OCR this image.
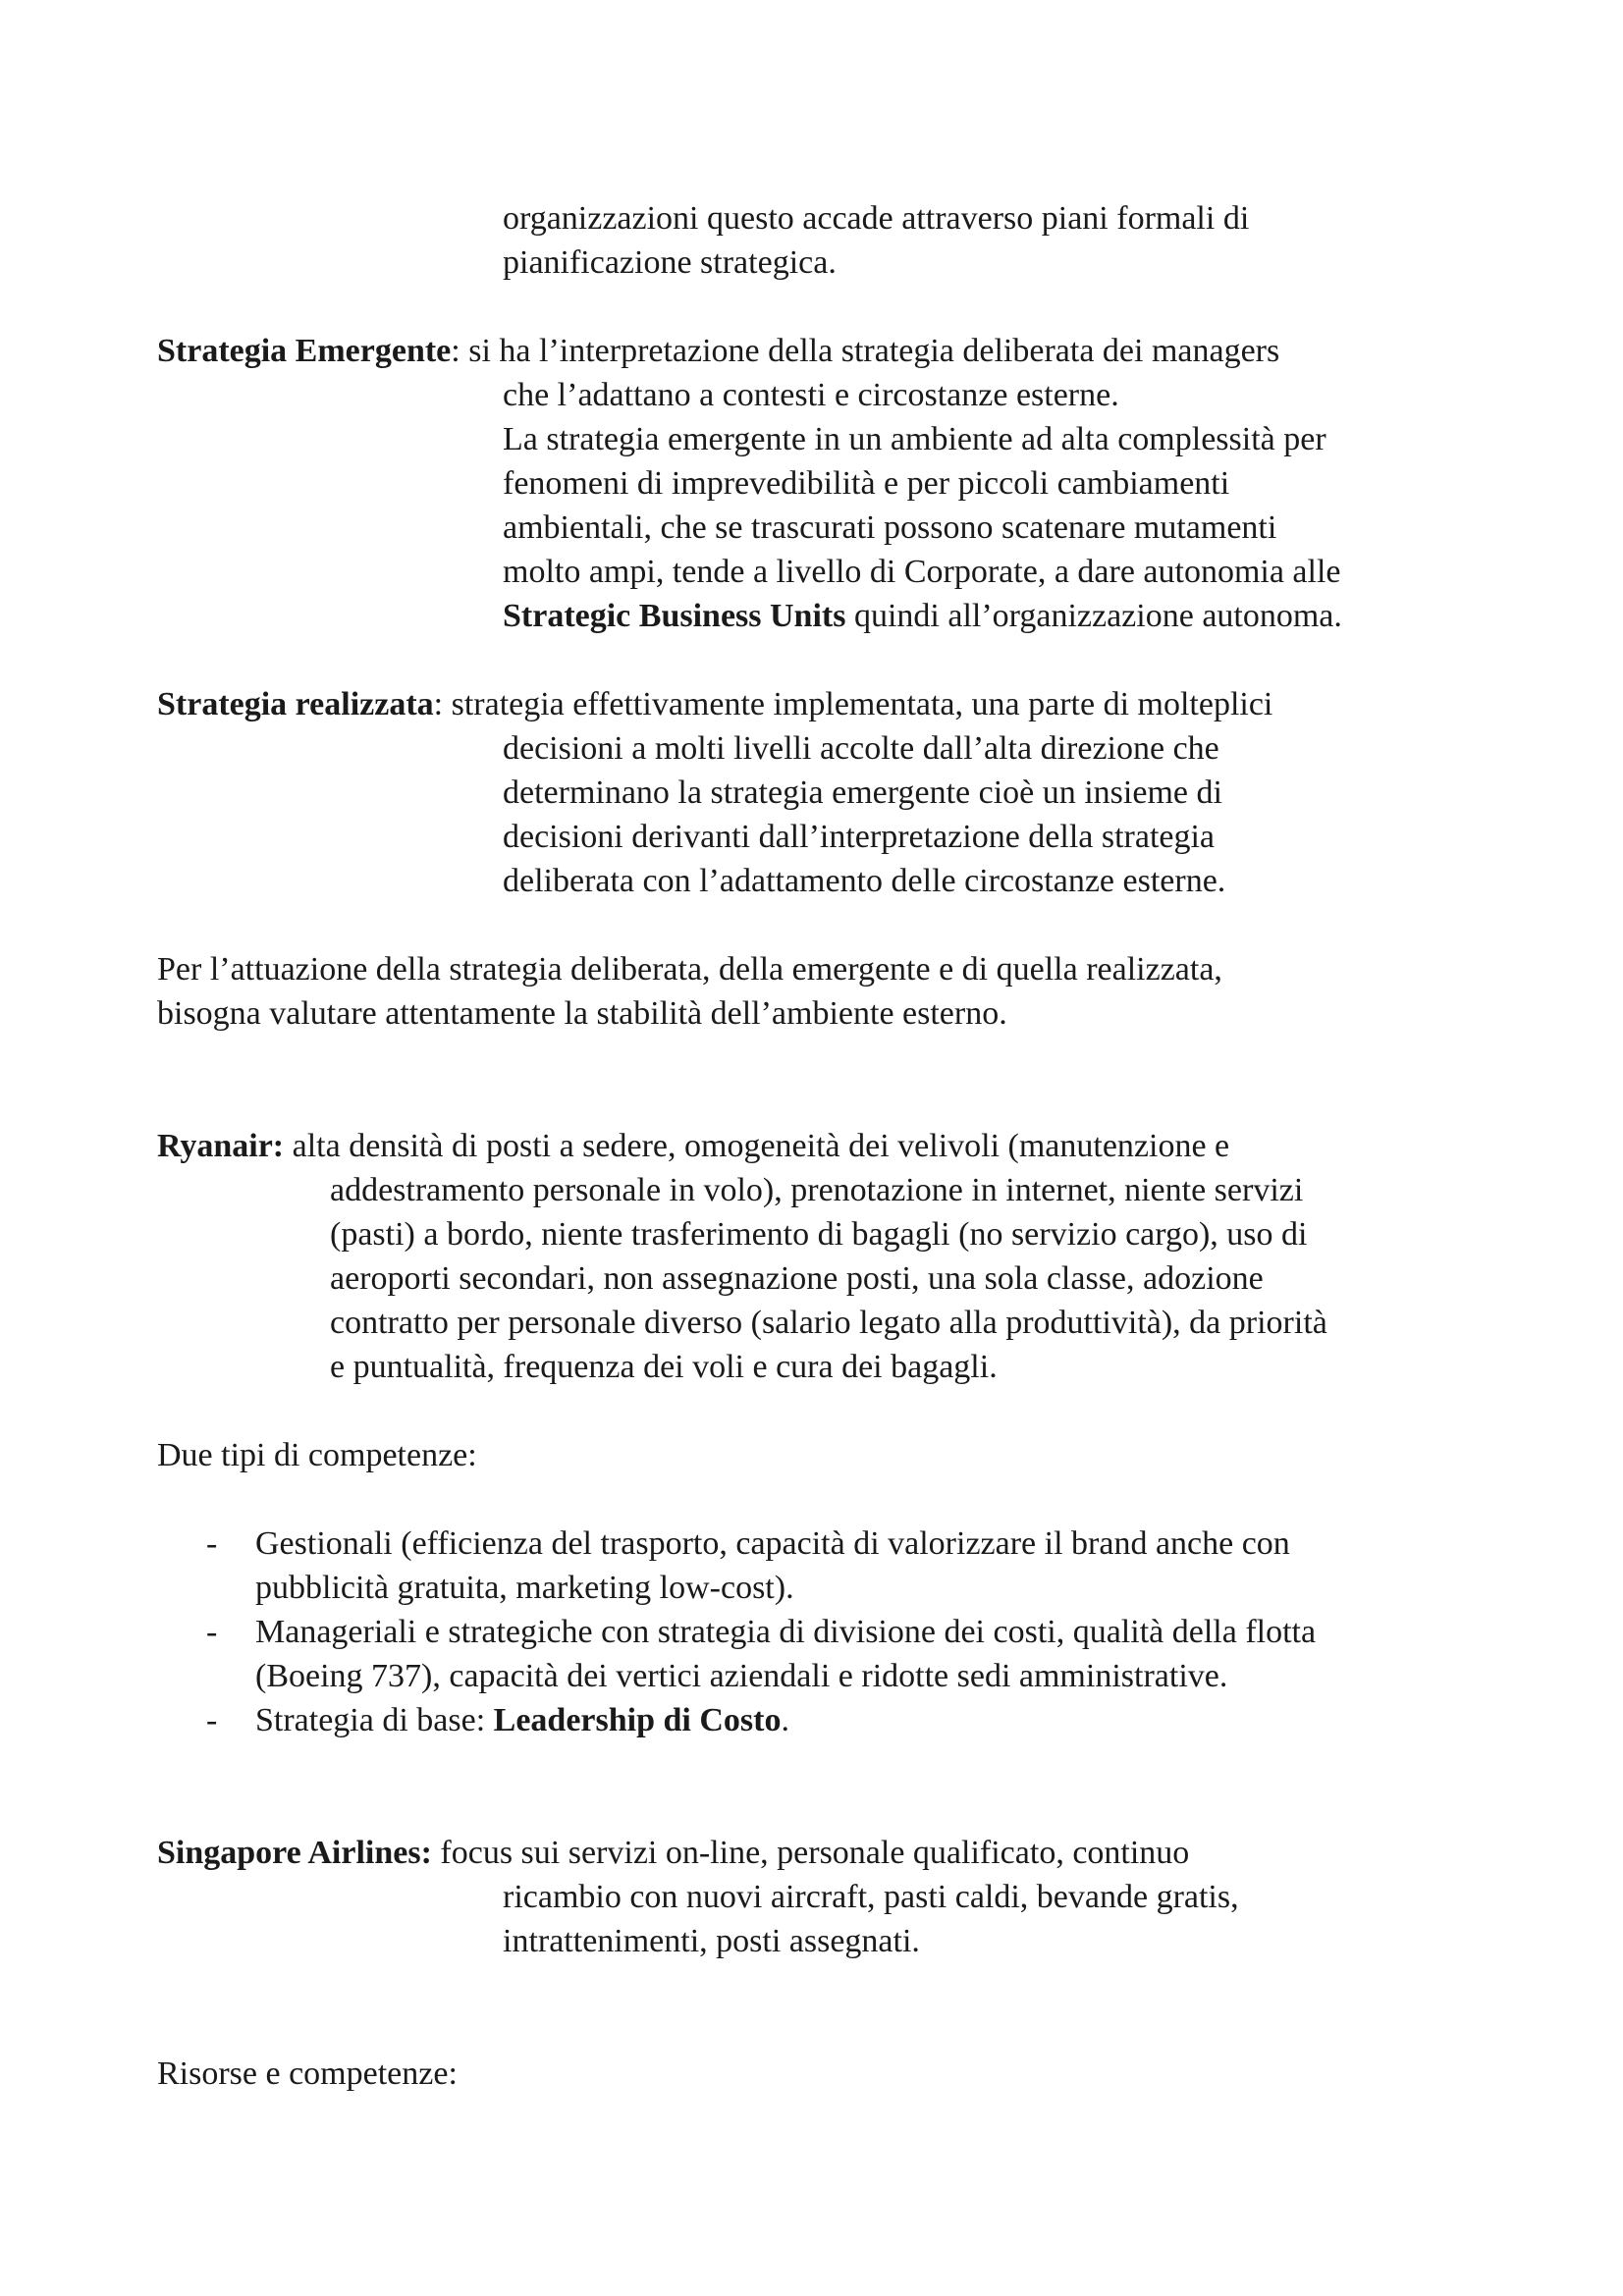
organizzazioni questo accade attraverso piani formali di
pianificazione strategica.
Strategia Emergente: si ha l’interpretazione della strategia deliberata dei managers
che l’adattano a contesti e circostanze esterne.
La strategia emergente in un ambiente ad alta complessità per
fenomeni di imprevedibilità e per piccoli cambiamenti
ambientali, che se trascurati possono scatenare mutamenti
molto ampi, tende a livello di Corporate, a dare autonomia alle
Strategic Business Units quindi all’organizzazione autonoma.
Strategia realizzata: strategia effettivamente implementata, una parte di molteplici
decisioni a molti livelli accolte dall’alta direzione che
determinano la strategia emergente cioè un insieme di
decisioni derivanti dall’interpretazione della strategia
deliberata con l’adattamento delle circostanze esterne.
Per l’attuazione della strategia deliberata, della emergente e di quella realizzata,
bisogna valutare attentamente la stabilità dell’ambiente esterno.
Ryanair: alta densità di posti a sedere, omogeneità dei velivoli (manutenzione e
addestramento personale in volo), prenotazione in internet, niente servizi
(pasti) a bordo, niente trasferimento di bagagli (no servizio cargo), uso di
aeroporti secondari, non assegnazione posti, una sola classe, adozione
contratto per personale diverso (salario legato alla produttività), da priorità
e puntualità, frequenza dei voli e cura dei bagagli.
Due tipi di competenze:
- Gestionali (efficienza del trasporto, capacità di valorizzare il brand anche con
pubblicità gratuita, marketing low-cost).
- Manageriali e strategiche con strategia di divisione dei costi, qualità della flotta
(Boeing 737), capacità dei vertici aziendali e ridotte sedi amministrative.
- Strategia di base: Leadership di Costo.
Singapore Airlines: focus sui servizi on-line, personale qualificato, continuo
ricambio con nuovi aircraft, pasti caldi, bevande gratis,
intrattenimenti, posti assegnati.
Risorse e competenze:
